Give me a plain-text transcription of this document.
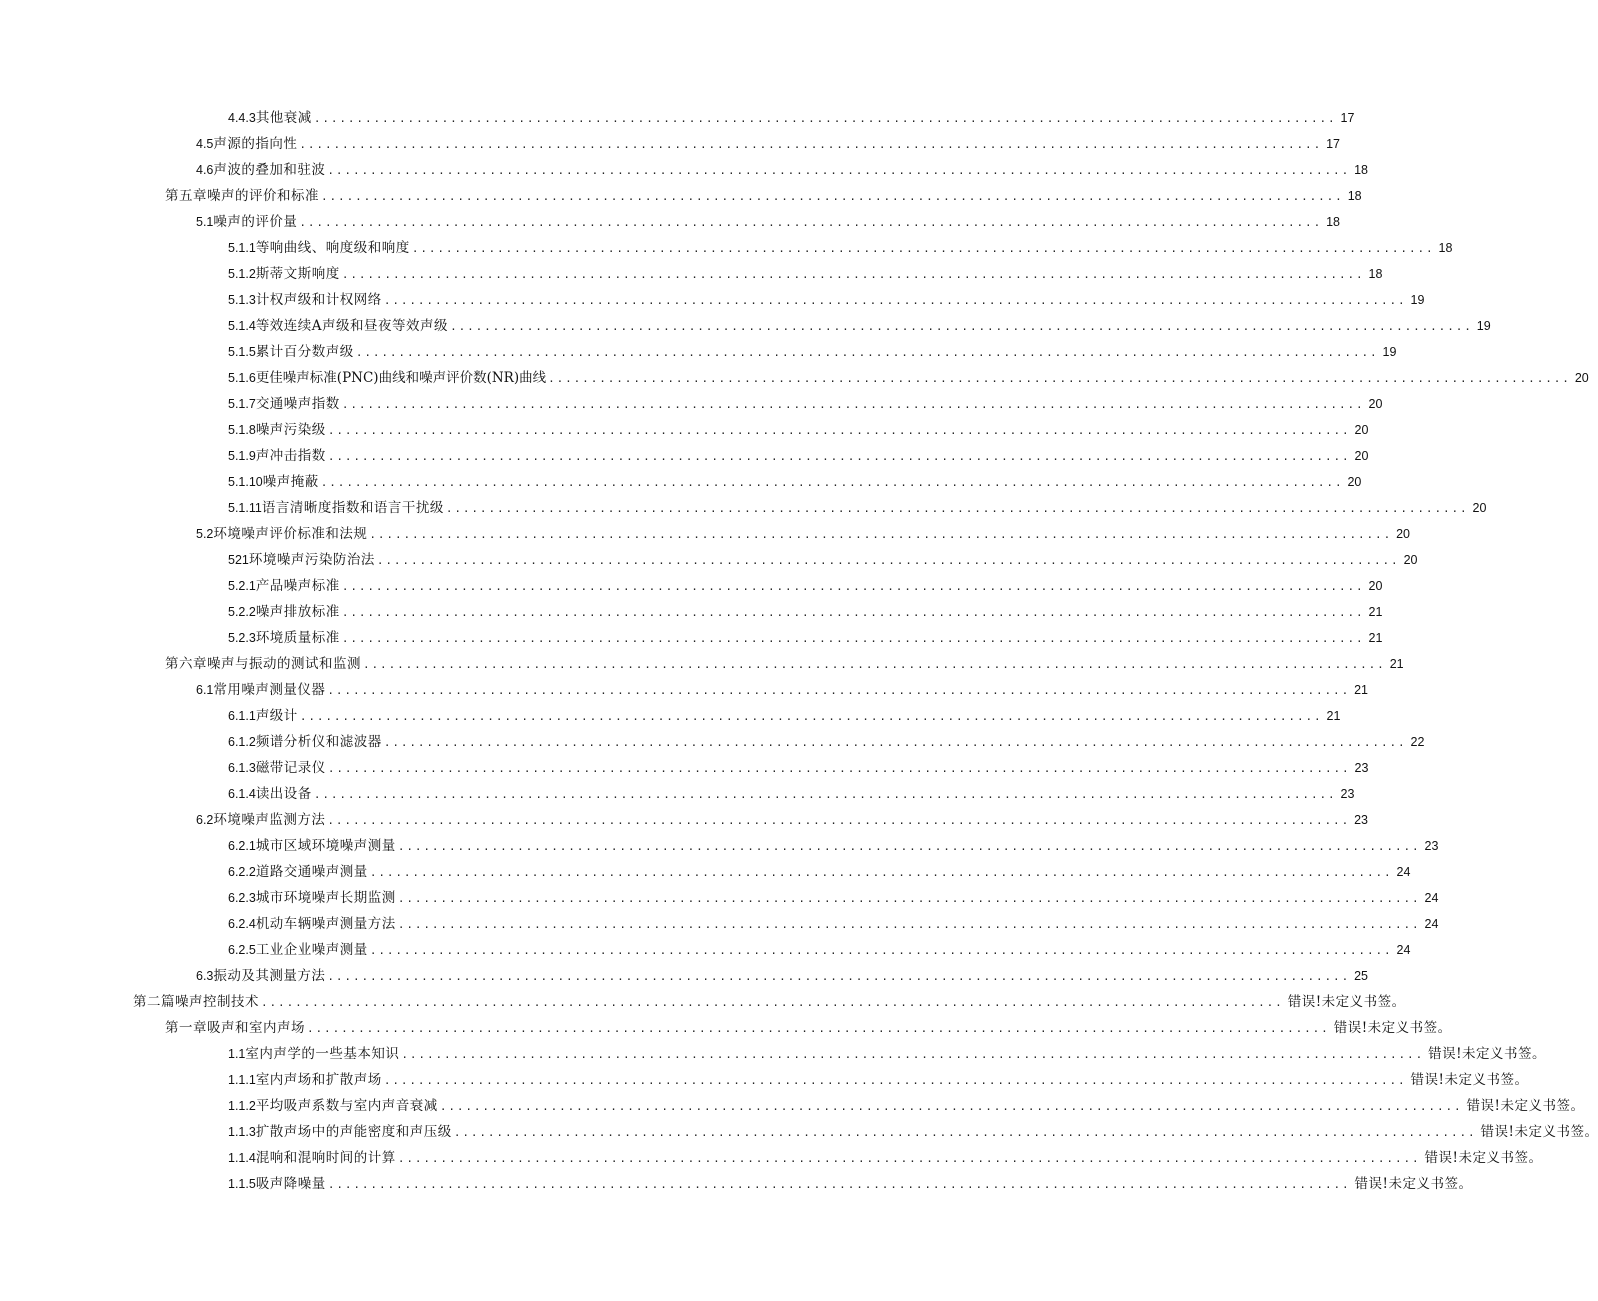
4.4.3 其他衰减 ........................................................................................................................ 17
4.5 声源的指向性 ........................................................................................................................ 17
4.6 声波的叠加和驻波 ........................................................................................................................ 18
第五章 噪声的评价和标准 ........................................................................................................................ 18
5.1 噪声的评价量 ........................................................................................................................ 18
5.1.1 等响曲线、响度级和响度 ........................................................................................................................ 18
5.1.2 斯蒂文斯响度 ........................................................................................................................ 18
5.1.3 计权声级和计权网络 ........................................................................................................................ 19
5.1.4 等效连续A声级和昼夜等效声级 ........................................................................................................................ 19
5.1.5 累计百分数声级 ........................................................................................................................ 19
5.1.6 更佳噪声标准(PNC)曲线和噪声评价数(NR)曲线 ........................................................................................................................ 20
5.1.7 交通噪声指数 ........................................................................................................................ 20
5.1.8 噪声污染级 ........................................................................................................................ 20
5.1.9 声冲击指数 ........................................................................................................................ 20
5.1.10 噪声掩蔽 ........................................................................................................................ 20
5.1.11 语言清晰度指数和语言干扰级 ........................................................................................................................ 20
5.2 环境噪声评价标准和法规 ........................................................................................................................ 20
521 环境噪声污染防治法 ........................................................................................................................ 20
5.2.1 产品噪声标准 ........................................................................................................................ 20
5.2.2 噪声排放标准 ........................................................................................................................ 21
5.2.3 环境质量标准 ........................................................................................................................ 21
第六章 噪声与振动的测试和监测 ........................................................................................................................ 21
6.1 常用噪声测量仪器 ........................................................................................................................ 21
6.1.1 声级计 ........................................................................................................................ 21
6.1.2 频谱分析仪和滤波器 ........................................................................................................................ 22
6.1.3 磁带记录仪 ........................................................................................................................ 23
6.1.4 读出设备 ........................................................................................................................ 23
6.2 环境噪声监测方法 ........................................................................................................................ 23
6.2.1 城市区域环境噪声测量 ........................................................................................................................ 23
6.2.2 道路交通噪声测量 ........................................................................................................................ 24
6.2.3 城市环境噪声长期监测 ........................................................................................................................ 24
6.2.4 机动车辆噪声测量方法 ........................................................................................................................ 24
6.2.5 工业企业噪声测量 ........................................................................................................................ 24
6.3 振动及其测量方法 ........................................................................................................................ 25
第二篇 噪声控制技术 ........................................................................................................................ 错误!未定义书签。
第一章 吸声和室内声场 ........................................................................................................................ 错误!未定义书签。
1.1 室内声学的一些基本知识 ........................................................................................................................ 错误!未定义书签。
1.1.1 室内声场和扩散声场 ........................................................................................................................ 错误!未定义书签。
1.1.2 平均吸声系数与室内声音衰减 ........................................................................................................................ 错误!未定义书签。
1.1.3 扩散声场中的声能密度和声压级 ........................................................................................................................ 错误!未定义书签。
1.1.4 混响和混响时间的计算 ........................................................................................................................ 错误!未定义书签。
1.1.5 吸声降噪量 ........................................................................................................................ 错误!未定义书签。
